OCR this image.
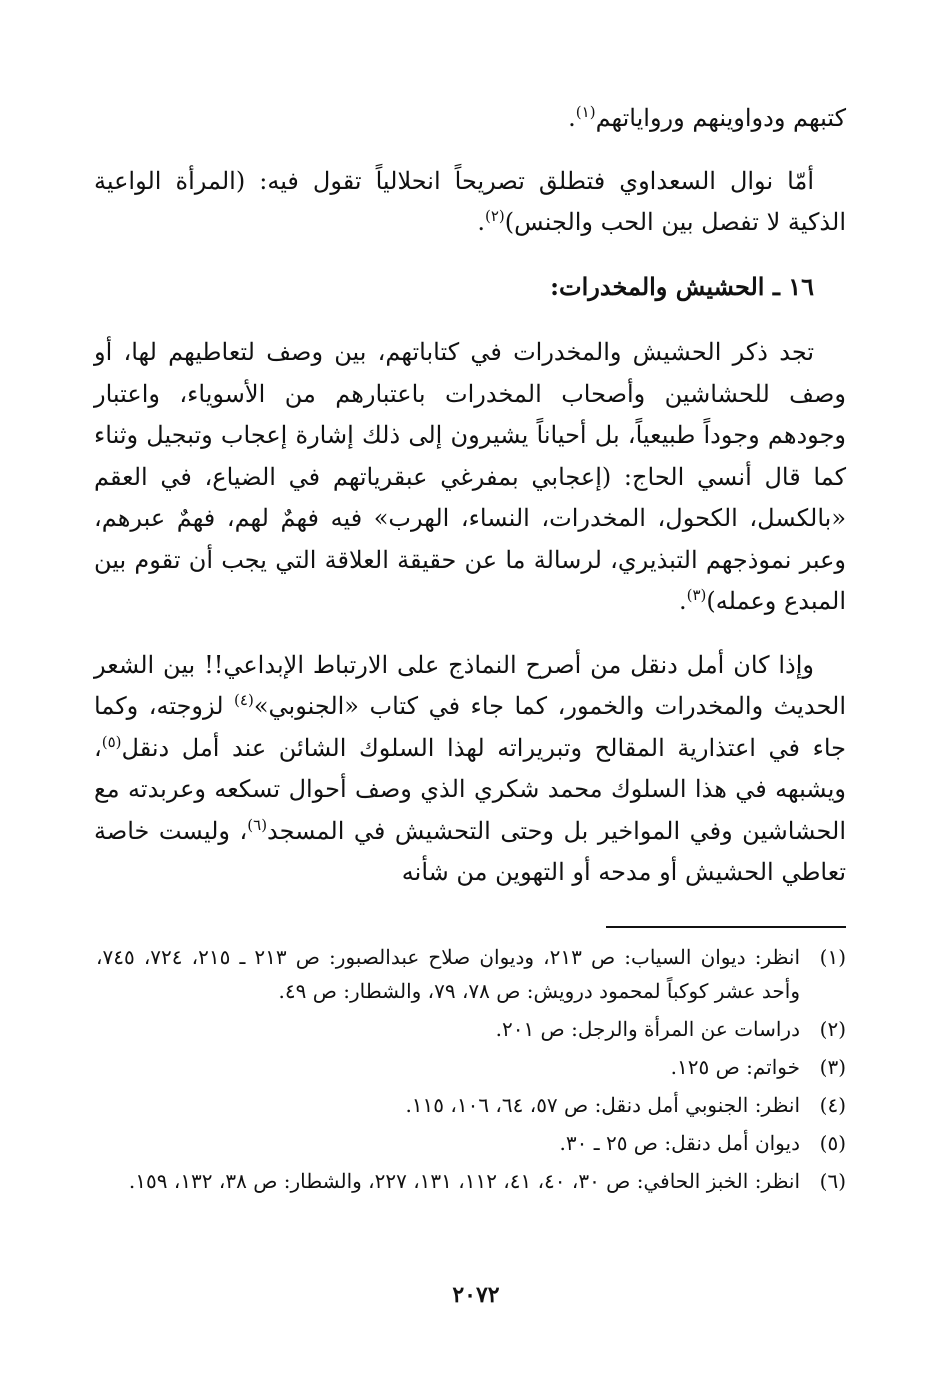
كتبهم ودواوينهم ورواياتهم$^{(١)}$.

أمّا نوال السعداوي فتطلق تصريحاً انحلالياً تقول فيه: (المرأة الواعية الذكية لا تفصل بين الحب والجنس)$^{(٢)}$.

١٦ ـ الحشيش والمخدرات:

تجد ذكر الحشيش والمخدرات في كتاباتهم، بين وصف لتعاطيهم لها، أو وصف للحشاشين وأصحاب المخدرات باعتبارهم من الأسوياء، واعتبار وجودهم وجوداً طبيعياً، بل أحياناً يشيرون إلى ذلك إشارة إعجاب وتبجيل وثناء كما قال أنسي الحاج: (إعجابي بمفرغي عبقرياتهم في الضياع، في العقم «بالكسل، الكحول، المخدرات، النساء، الهرب» فيه فهمٌ لهم، فهمٌ عبرهم، وعبر نموذجهم التبذيري، لرسالة ما عن حقيقة العلاقة التي يجب أن تقوم بين المبدع وعمله)$^{(٣)}$.

وإذا كان أمل دنقل من أصرح النماذج على الارتباط الإبداعي!! بين الشعر الحديث والمخدرات والخمور، كما جاء في كتاب «الجنوبي»$^{(٤)}$ لزوجته، وكما جاء في اعتذارية المقالح وتبريراته لهذا السلوك الشائن عند أمل دنقل$^{(٥)}$، ويشبهه في هذا السلوك محمد شكري الذي وصف أحوال تسكعه وعربدته مع الحشاشين وفي المواخير بل وحتى التحشيش في المسجد$^{(٦)}$، وليست خاصة تعاطي الحشيش أو مدحه أو التهوين من شأنه

(١)
انظر: ديوان السياب: ص ٢١٣، وديوان صلاح عبدالصبور: ص ٢١٣ ـ ٢١٥، ٧٢٤، ٧٤٥، وأحد عشر كوكباً لمحمود درويش: ص ٧٨، ٧٩، والشطار: ص ٤٩.
(٢)
دراسات عن المرأة والرجل: ص ٢٠١.
(٣)
خواتم: ص ١٢٥.
(٤)
انظر: الجنوبي أمل دنقل: ص ٥٧، ٦٤، ١٠٦، ١١٥.
(٥)
ديوان أمل دنقل: ص ٢٥ ـ ٣٠.
(٦)
انظر: الخبز الحافي: ص ٣٠، ٤٠، ٤١، ١١٢، ١٣١، ٢٢٧، والشطار: ص ٣٨، ١٣٢، ١٥٩.
٢٠٧٢
